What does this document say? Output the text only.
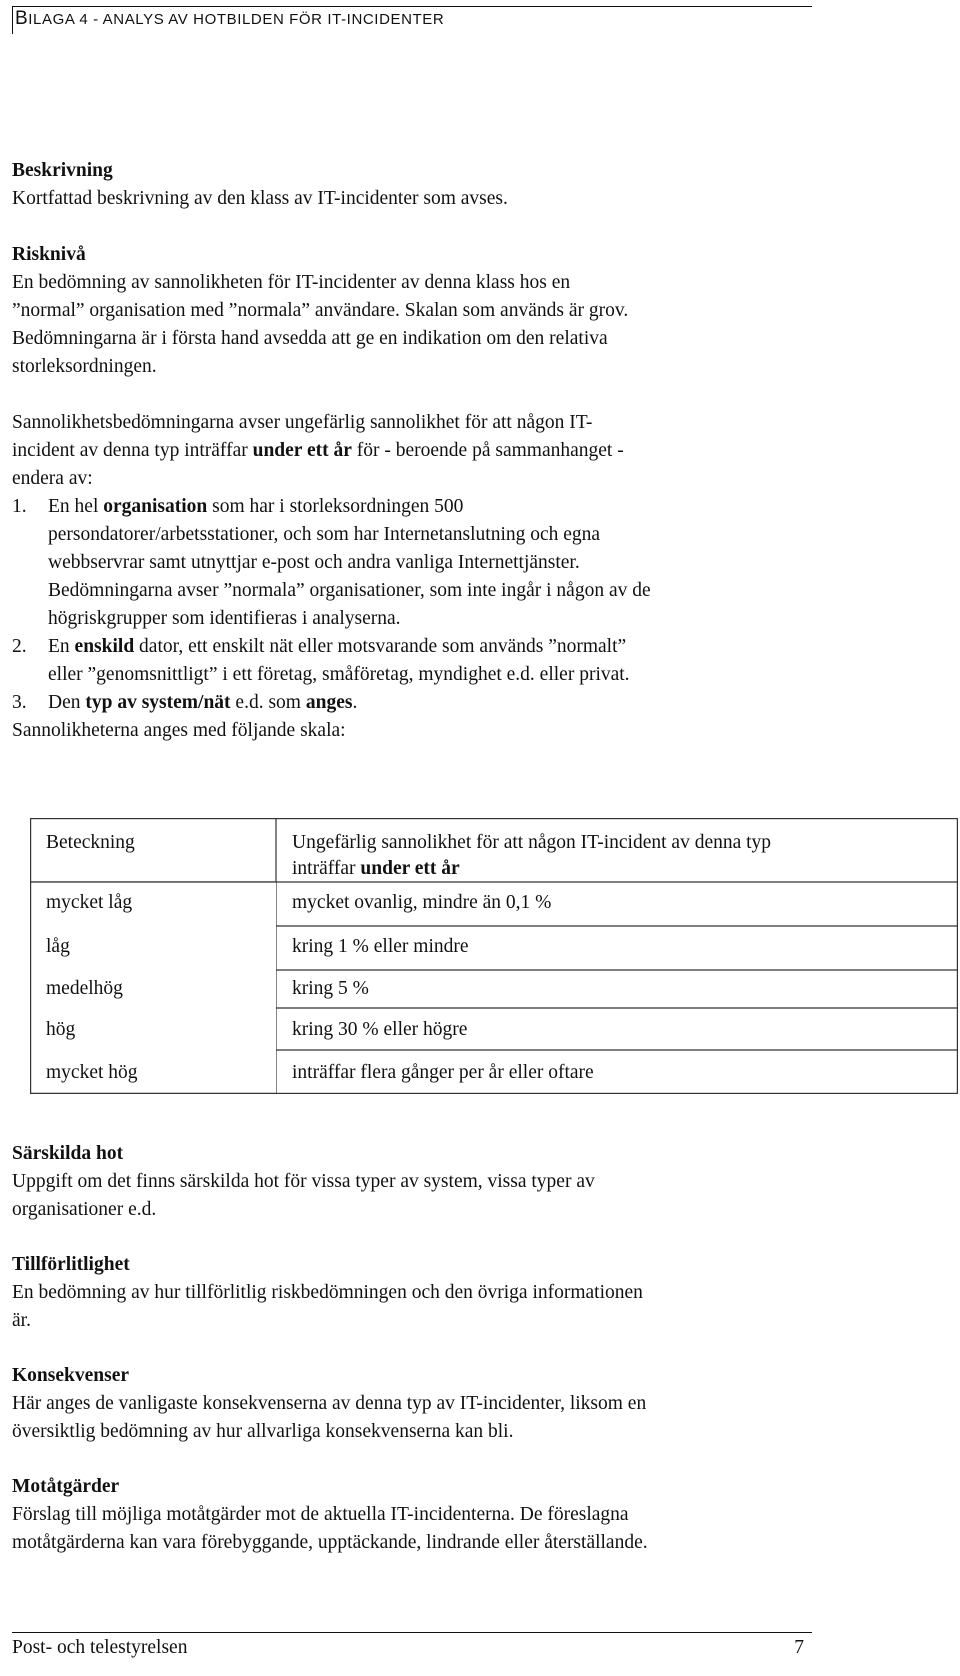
BILAGA 4 - ANALYS AV HOTBILDEN FÖR IT-INCIDENTER

Beskrivning

Kortfattad beskrivning av den klass av IT-incidenter som avses.

Risknivå

En bedömning av sannolikheten för IT-incidenter av denna klass hos en

”normal” organisation med ”normala” användare. Skalan som används är grov.

Bedömningarna är i första hand avsedda att ge en indikation om den relativa

storleksordningen.

Sannolikhetsbedömningarna avser ungefärlig sannolikhet för att någon IT-

incident av denna typ inträffar under ett år för - beroende på sammanhanget -

endera av:

1. En hel organisation som har i storleksordningen 500

persondatorer/arbetsstationer, och som har Internetanslutning och egna

webbservrar samt utnyttjar e-post och andra vanliga Internettjänster.

Bedömningarna avser ”normala” organisationer, som inte ingår i någon av de

högriskgrupper som identifieras i analyserna.

2. En enskild dator, ett enskilt nät eller motsvarande som används ”normalt”

eller ”genomsnittligt” i ett företag, småföretag, myndighet e.d. eller privat.

3. Den typ av system/nät e.d. som anges.

Sannolikheterna anges med följande skala:

Beteckning	Ungefärlig sannolikhet för att någon IT-incident av denna typ
inträffar under ett år
mycket låg	mycket ovanlig, mindre än 0,1 %
låg	kring 1 % eller mindre
medelhög	kring 5 %
hög	kring 30 % eller högre
mycket hög	inträffar flera gånger per år eller oftare

Särskilda hot

Uppgift om det finns särskilda hot för vissa typer av system, vissa typer av

organisationer e.d.

Tillförlitlighet

En bedömning av hur tillförlitlig riskbedömningen och den övriga informationen

är.

Konsekvenser

Här anges de vanligaste konsekvenserna av denna typ av IT-incidenter, liksom en

översiktlig bedömning av hur allvarliga konsekvenserna kan bli.

Motåtgärder

Förslag till möjliga motåtgärder mot de aktuella IT-incidenterna. De föreslagna

motåtgärderna kan vara förebyggande, upptäckande, lindrande eller återställande.

Post- och telestyrelsen	7
